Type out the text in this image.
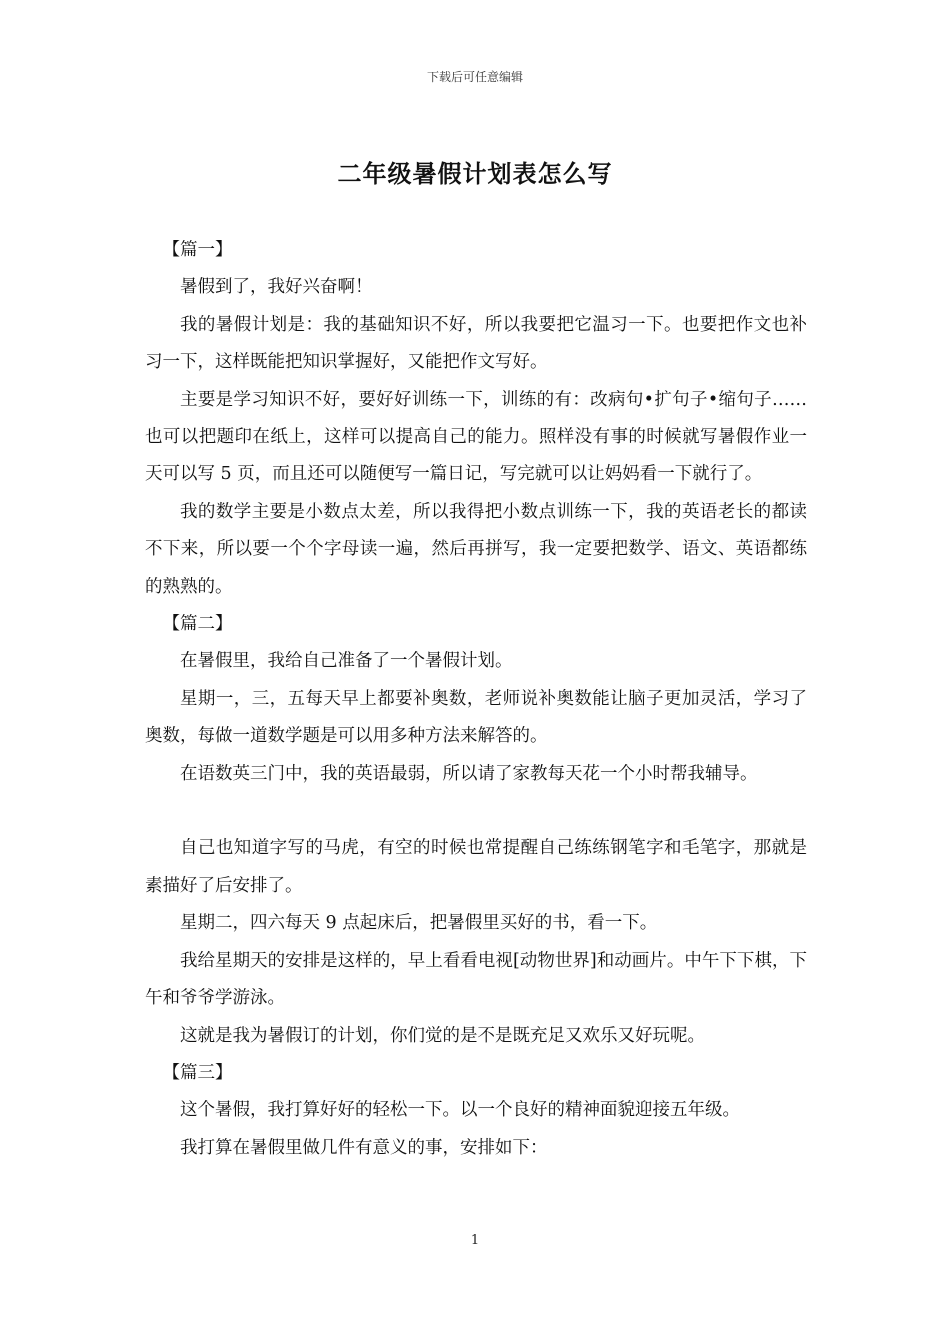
下载后可任意编辑
二年级暑假计划表怎么写

【篇一】

暑假到了，我好兴奋啊！

我的暑假计划是：我的基础知识不好，所以我要把它温习一下。也要把作文也补习一下，这样既能把知识掌握好，又能把作文写好。

主要是学习知识不好，要好好训练一下，训练的有：改病句•扩句子•缩句子……也可以把题印在纸上，这样可以提高自己的能力。照样没有事的时候就写暑假作业一天可以写 5 页，而且还可以随便写一篇日记，写完就可以让妈妈看一下就行了。

我的数学主要是小数点太差，所以我得把小数点训练一下，我的英语老长的都读不下来，所以要一个个字母读一遍，然后再拼写，我一定要把数学、语文、英语都练的熟熟的。

【篇二】

在暑假里，我给自己准备了一个暑假计划。

星期一，三，五每天早上都要补奥数，老师说补奥数能让脑子更加灵活，学习了奥数，每做一道数学题是可以用多种方法来解答的。

在语数英三门中，我的英语最弱，所以请了家教每天花一个小时帮我辅导。

自己也知道字写的马虎，有空的时候也常提醒自己练练钢笔字和毛笔字，那就是素描好了后安排了。

星期二，四六每天 9 点起床后，把暑假里买好的书，看一下。

我给星期天的安排是这样的，早上看看电视[动物世界]和动画片。中午下下棋，下午和爷爷学游泳。

这就是我为暑假订的计划，你们觉的是不是既充足又欢乐又好玩呢。

【篇三】

这个暑假，我打算好好的轻松一下。以一个良好的精神面貌迎接五年级。

我打算在暑假里做几件有意义的事，安排如下：

1
